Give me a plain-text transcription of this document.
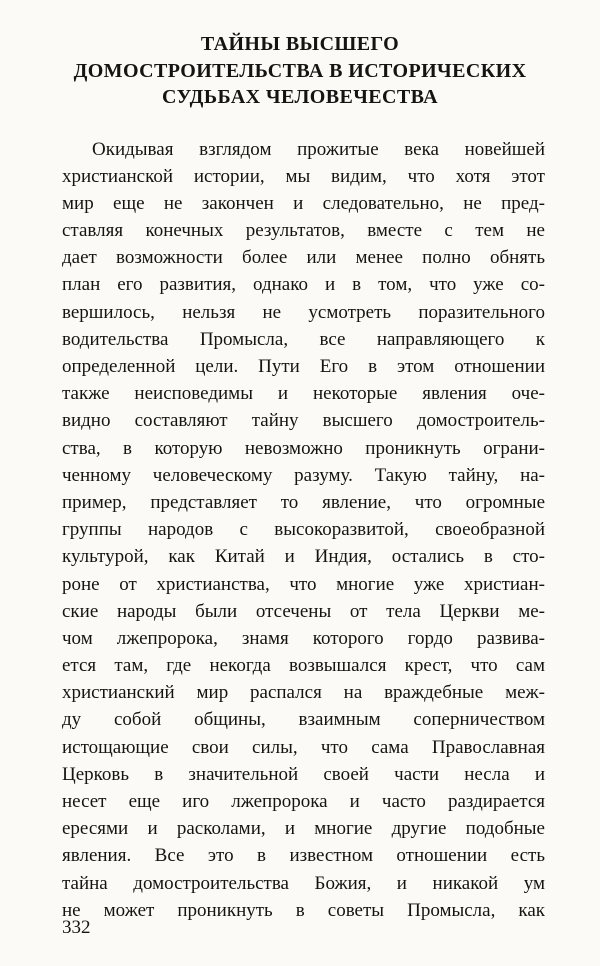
ТАЙНЫ ВЫСШЕГО
ДОМОСТРОИТЕЛЬСТВА В ИСТОРИЧЕСКИХ
СУДЬБАХ ЧЕЛОВЕЧЕСТВА
Окидывая взглядом прожитые века новейшей
христианской истории, мы видим, что хотя этот
мир еще не закончен и следовательно, не пред-
ставляя конечных результатов, вместе с тем не
дает возможности более или менее полно обнять
план его развития, однако и в том, что уже со-
вершилось, нельзя не усмотреть поразительного
водительства Промысла, все направляющего к
определенной цели. Пути Его в этом отношении
также неисповедимы и некоторые явления оче-
видно составляют тайну высшего домостроитель-
ства, в которую невозможно проникнуть ограни-
ченному человеческому разуму. Такую тайну, на-
пример, представляет то явление, что огромные
группы народов с высокоразвитой, своеобразной
культурой, как Китай и Индия, остались в сто-
роне от христианства, что многие уже христиан-
ские народы были отсечены от тела Церкви ме-
чом лжепророка, знамя которого гордо развива-
ется там, где некогда возвышался крест, что сам
христианский мир распался на враждебные меж-
ду собой общины, взаимным соперничеством
истощающие свои силы, что сама Православная
Церковь в значительной своей части несла и
несет еще иго лжепророка и часто раздирается
ересями и расколами, и многие другие подобные
явления. Все это в известном отношении есть
тайна домостроительства Божия, и никакой ум
не может проникнуть в советы Промысла, как
332
